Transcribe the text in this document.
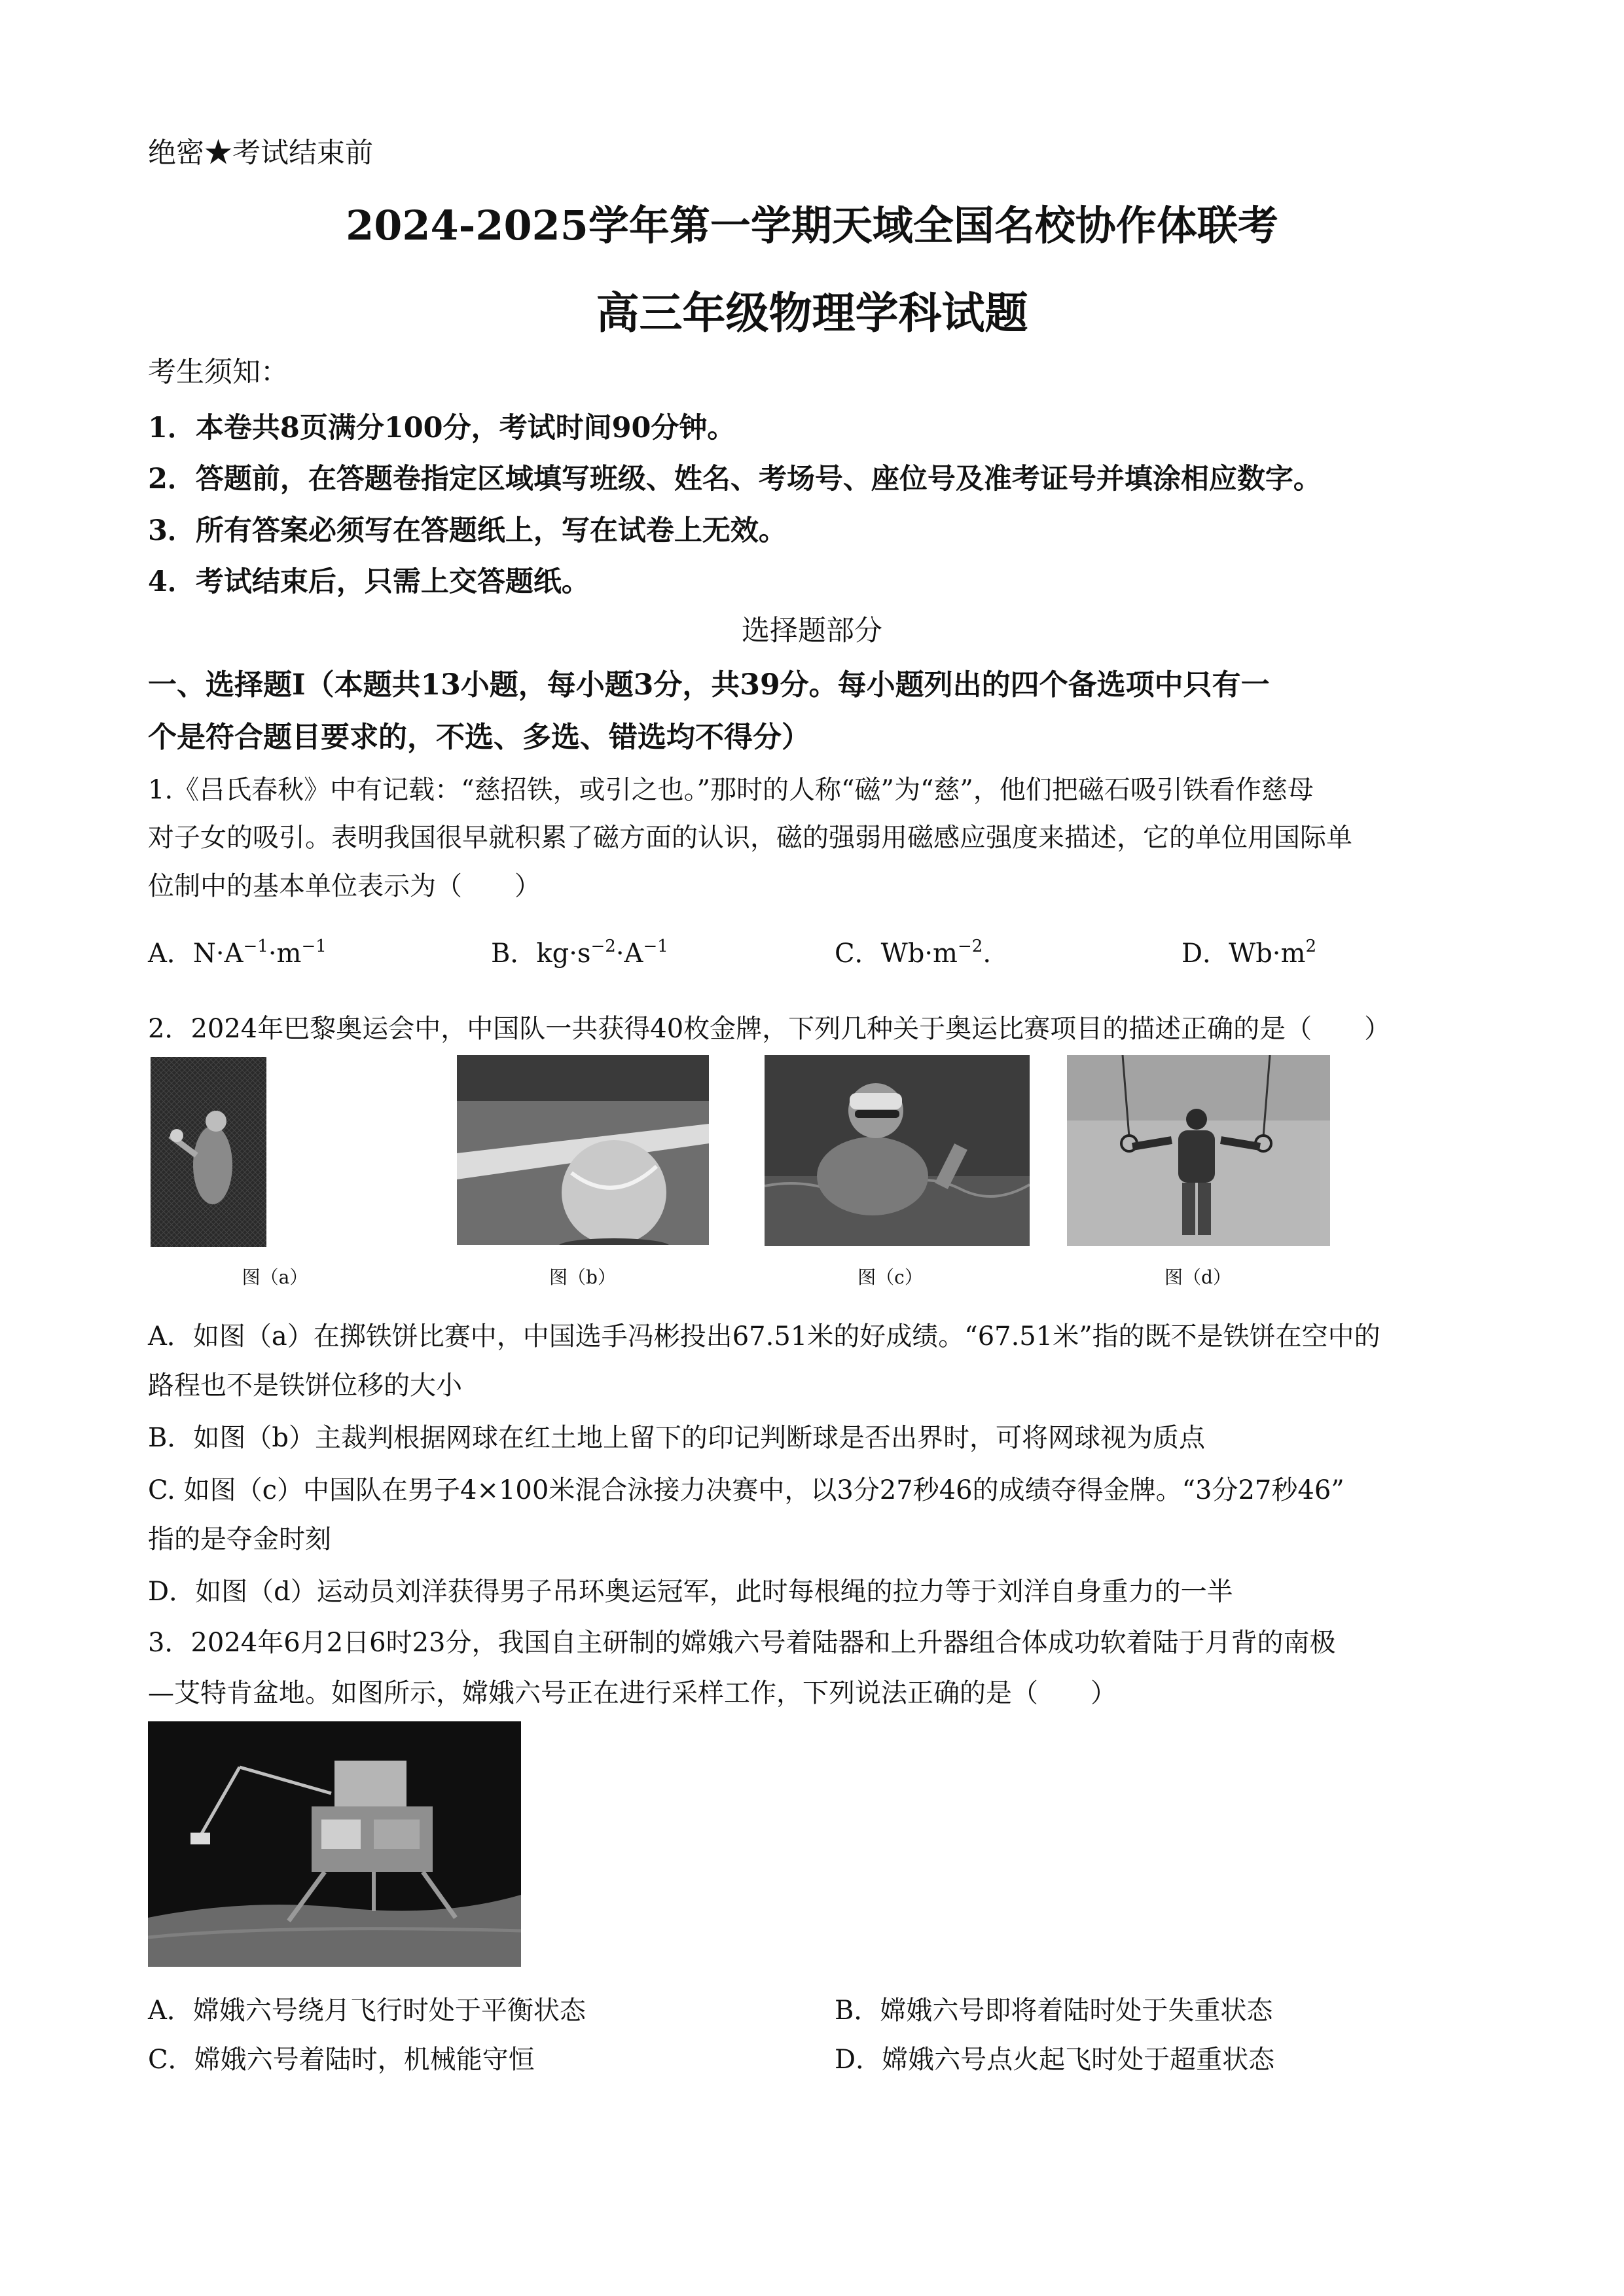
绝密★考试结束前
2024-2025学年第一学期天域全国名校协作体联考
高三年级物理学科试题
考生须知：
1．本卷共8页满分100分，考试时间90分钟。
2．答题前，在答题卷指定区域填写班级、姓名、考场号、座位号及准考证号并填涂相应数字。
3．所有答案必须写在答题纸上，写在试卷上无效。
4．考试结束后，只需上交答题纸。
选择题部分
一、选择题Ⅰ（本题共13小题，每小题3分，共39分。每小题列出的四个备选项中只有一
个是符合题目要求的，不选、多选、错选均不得分）
1.《吕氏春秋》中有记载：“慈招铁，或引之也。”那时的人称“磁”为“慈”，他们把磁石吸引铁看作慈母
对子女的吸引。表明我国很早就积累了磁方面的认识，磁的强弱用磁感应强度来描述，它的单位用国际单
位制中的基本单位表示为（　　）
A．$N\cdot A^{-1}\cdot m^{-1}$	B．$kg\cdot s^{-2}\cdot A^{-1}$	C．$Wb\cdot m^{-2}$.	D．$Wb\cdot m^2$
2．2024年巴黎奥运会中，中国队一共获得40枚金牌，下列几种关于奥运比赛项目的描述正确的是（　　）
图（a）	图（b）	图（c）	图（d）
A．如图（a）在掷铁饼比赛中，中国选手冯彬投出67.51米的好成绩。“67.51米”指的既不是铁饼在空中的
路程也不是铁饼位移的大小
B．如图（b）主裁判根据网球在红土地上留下的印记判断球是否出界时，可将网球视为质点
C. 如图（c）中国队在男子4×100米混合泳接力决赛中，以3分27秒46的成绩夺得金牌。“3分27秒46”
指的是夺金时刻
D．如图（d）运动员刘洋获得男子吊环奥运冠军，此时每根绳的拉力等于刘洋自身重力的一半
3．2024年6月2日6时23分，我国自主研制的嫦娥六号着陆器和上升器组合体成功软着陆于月背的南极
—艾特肯盆地。如图所示，嫦娥六号正在进行采样工作，下列说法正确的是（　　）
A．嫦娥六号绕月飞行时处于平衡状态	B．嫦娥六号即将着陆时处于失重状态
C．嫦娥六号着陆时，机械能守恒	D．嫦娥六号点火起飞时处于超重状态
